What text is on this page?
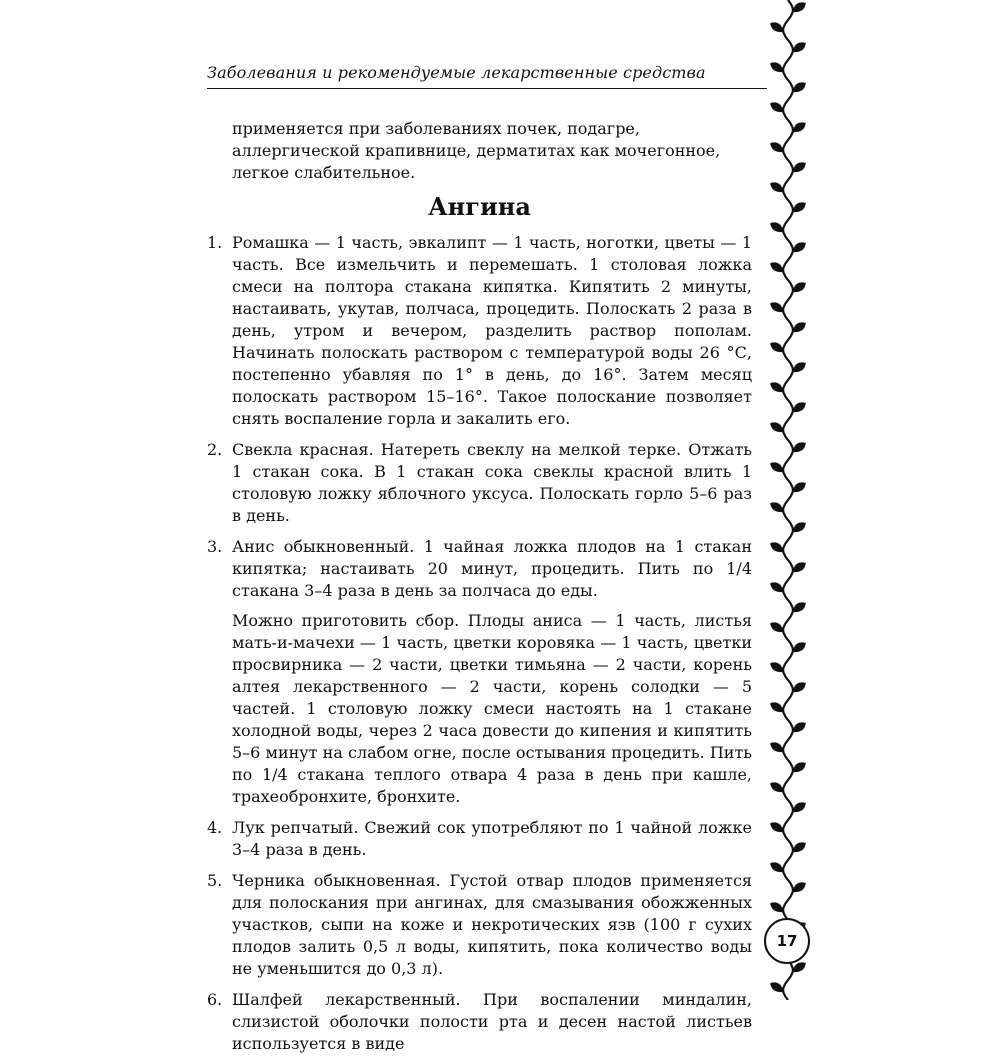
Заболевания и рекомендуемые лекарственные средства

применяется при заболеваниях почек, подагре, аллергической крапивнице, дерматитах как мочегонное, легкое слабительное.

Ангина
1. Ромашка — 1 часть, эвкалипт — 1 часть, ноготки, цветы — 1 часть. Все измельчить и перемешать. 1 столовая ложка смеси на полтора стакана кипятка. Кипятить 2 минуты, настаивать, укутав, полчаса, процедить. Полоскать 2 раза в день, утром и вечером, разделить раствор пополам. Начинать полоскать раствором с температурой воды 26 °С, постепенно убавляя по 1° в день, до 16°. Затем месяц полоскать раствором 15–16°. Такое полоскание позволяет снять воспаление горла и закалить его.

2. Свекла красная. Натереть свеклу на мелкой терке. Отжать 1 стакан сока. В 1 стакан сока свеклы красной влить 1 столовую ложку яблочного уксуса. Полоскать горло 5–6 раз в день.

3. Анис обыкновенный. 1 чайная ложка плодов на 1 стакан кипятка; настаивать 20 минут, процедить. Пить по 1/4 стакана 3–4 раза в день за полчаса до еды.

Можно приготовить сбор. Плоды аниса — 1 часть, листья мать-и-мачехи — 1 часть, цветки коровяка — 1 часть, цветки просвирника — 2 части, цветки тимьяна — 2 части, корень алтея лекарственного — 2 части, корень солодки — 5 частей. 1 столовую ложку смеси настоять на 1 стакане холодной воды, через 2 часа довести до кипения и кипятить 5–6 минут на слабом огне, после остывания процедить. Пить по 1/4 стакана теплого отвара 4 раза в день при кашле, трахеобронхите, бронхите.

4. Лук репчатый. Свежий сок употребляют по 1 чайной ложке 3–4 раза в день.

5. Черника обыкновенная. Густой отвар плодов применяется для полоскания при ангинах, для смазывания обожженных участков, сыпи на коже и некротических язв (100 г сухих плодов залить 0,5 л воды, кипятить, пока количество воды не уменьшится до 0,3 л).

6. Шалфей лекарственный. При воспалении миндалин, слизистой оболочки полости рта и десен настой листьев используется в виде

17
